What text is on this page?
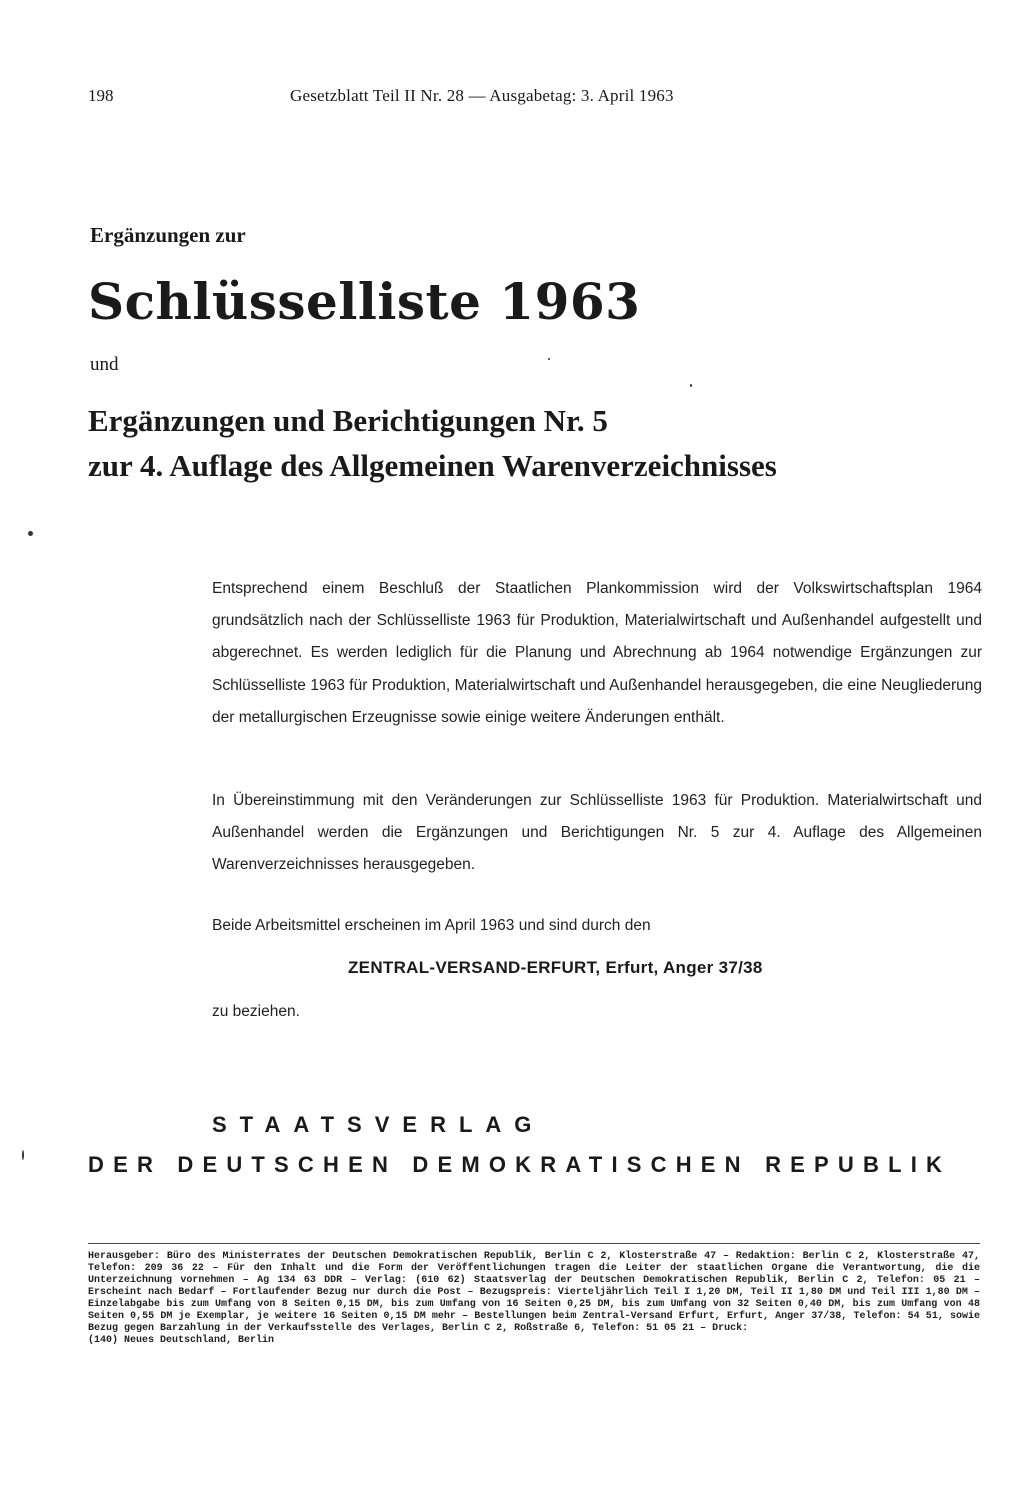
198	Gesetzblatt Teil II Nr. 28 — Ausgabetag: 3. April 1963
Ergänzungen zur
Schlüsselliste 1963
und
Ergänzungen und Berichtigungen Nr. 5
zur 4. Auflage des Allgemeinen Warenverzeichnisses
Entsprechend einem Beschluß der Staatlichen Plankommission wird der Volkswirtschaftsplan 1964 grundsätzlich nach der Schlüsselliste 1963 für Produktion, Materialwirtschaft und Außenhandel aufgestellt und abgerechnet. Es werden lediglich für die Planung und Abrechnung ab 1964 notwendige Ergänzungen zur Schlüsselliste 1963 für Produktion, Materialwirtschaft und Außenhandel herausgegeben, die eine Neugliederung der metallurgischen Erzeugnisse sowie einige weitere Änderungen enthält.
In Übereinstimmung mit den Veränderungen zur Schlüsselliste 1963 für Produktion. Materialwirtschaft und Außenhandel werden die Ergänzungen und Berichtigungen Nr. 5 zur 4. Auflage des Allgemeinen Warenverzeichnisses herausgegeben.
Beide Arbeitsmittel erscheinen im April 1963 und sind durch den
ZENTRAL-VERSAND-ERFURT, Erfurt, Anger 37/38
zu beziehen.
STAATSVERLAG
DER DEUTSCHEN DEMOKRATISCHEN REPUBLIK
Herausgeber: Büro des Ministerrates der Deutschen Demokratischen Republik, Berlin C 2, Klosterstraße 47 – Redaktion: Berlin C 2, Klosterstraße 47, Telefon: 209 36 22 – Für den Inhalt und die Form der Veröffentlichungen tragen die Leiter der staatlichen Organe die Verantwortung, die die Unterzeichnung vornehmen – Ag 134 63 DDR – Verlag: (610 62) Staatsverlag der Deutschen Demokratischen Republik, Berlin C 2, Telefon: 05 21 – Erscheint nach Bedarf – Fortlaufender Bezug nur durch die Post – Bezugspreis: Vierteljährlich Teil I 1,20 DM, Teil II 1,80 DM und Teil III 1,80 DM – Einzelabgabe bis zum Umfang von 8 Seiten 0,15 DM, bis zum Umfang von 16 Seiten 0,25 DM, bis zum Umfang von 32 Seiten 0,40 DM, bis zum Umfang von 48 Seiten 0,55 DM je Exemplar, je weitere 16 Seiten 0,15 DM mehr – Bestellungen beim Zentral-Versand Erfurt, Erfurt, Anger 37/38, Telefon: 54 51, sowie Bezug gegen Barzahlung in der Verkaufsstelle des Verlages, Berlin C 2, Roßstraße 6, Telefon: 51 05 21 – Druck:
(140) Neues Deutschland, Berlin
